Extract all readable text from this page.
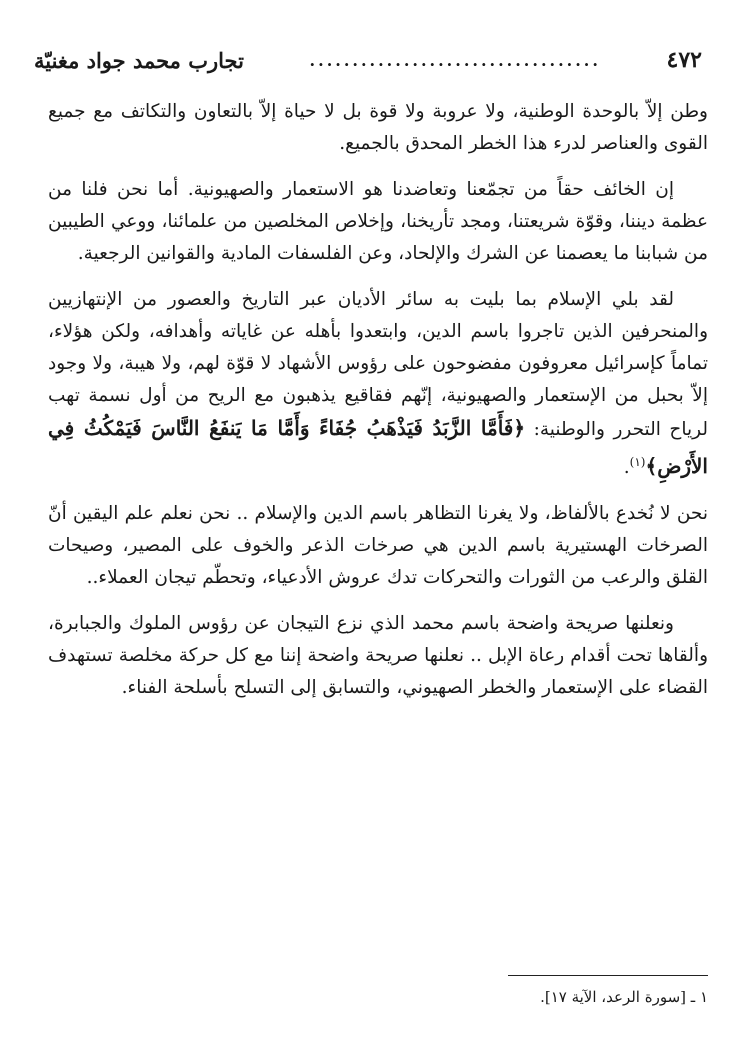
٤٧٢
..................................
تجارب محمد جواد مغنيّة

وطن إلاّ بالوحدة الوطنية، ولا عروبة ولا قوة بل لا حياة إلاّ بالتعاون والتكاتف مع جميع القوى والعناصر لدرء هذا الخطر المحدق بالجميع.

إن الخائف حقاً من تجمّعنا وتعاضدنا هو الاستعمار والصهيونية. أما نحن فلنا من عظمة ديننا، وقوّة شريعتنا، ومجد تأريخنا، وإخلاص المخلصين من علمائنا، ووعي الطيبين من شبابنا ما يعصمنا عن الشرك والإلحاد، وعن الفلسفات المادية والقوانين الرجعية.

لقد بلي الإسلام بما بليت به سائر الأديان عبر التاريخ والعصور من الإنتهازيين والمنحرفين الذين تاجروا باسم الدين، وابتعدوا بأهله عن غاياته وأهدافه، ولكن هؤلاء، تماماً كإسرائيل معروفون مفضوحون على رؤوس الأشهاد لا قوّة لهم، ولا هيبة، ولا وجود إلاّ بحبل من الإستعمار والصهيونية، إنّهم فقاقيع يذهبون مع الريح من أول نسمة تهب لرياح التحرر والوطنية: ﴿فَأَمَّا الزَّبَدُ فَيَذْهَبُ جُفَاءً وَأَمَّا مَا يَنفَعُ النَّاسَ فَيَمْكُثُ فِي الأَرْضِ﴾$^{(١)}$.

نحن لا نُخدع بالألفاظ، ولا يغرنا التظاهر باسم الدين والإسلام .. نحن نعلم علم اليقين أنّ الصرخات الهستيرية باسم الدين هي صرخات الذعر والخوف على المصير، وصيحات القلق والرعب من الثورات والتحركات تدك عروش الأدعياء، وتحطّم تيجان العملاء..

ونعلنها صريحة واضحة باسم محمد الذي نزع التيجان عن رؤوس الملوك والجبابرة، وألقاها تحت أقدام رعاة الإبل .. نعلنها صريحة واضحة إننا مع كل حركة مخلصة تستهدف القضاء على الإستعمار والخطر الصهيوني، والتسابق إلى التسلح بأسلحة الفناء.

١ ـ [سورة الرعد، الآية ١٧].
